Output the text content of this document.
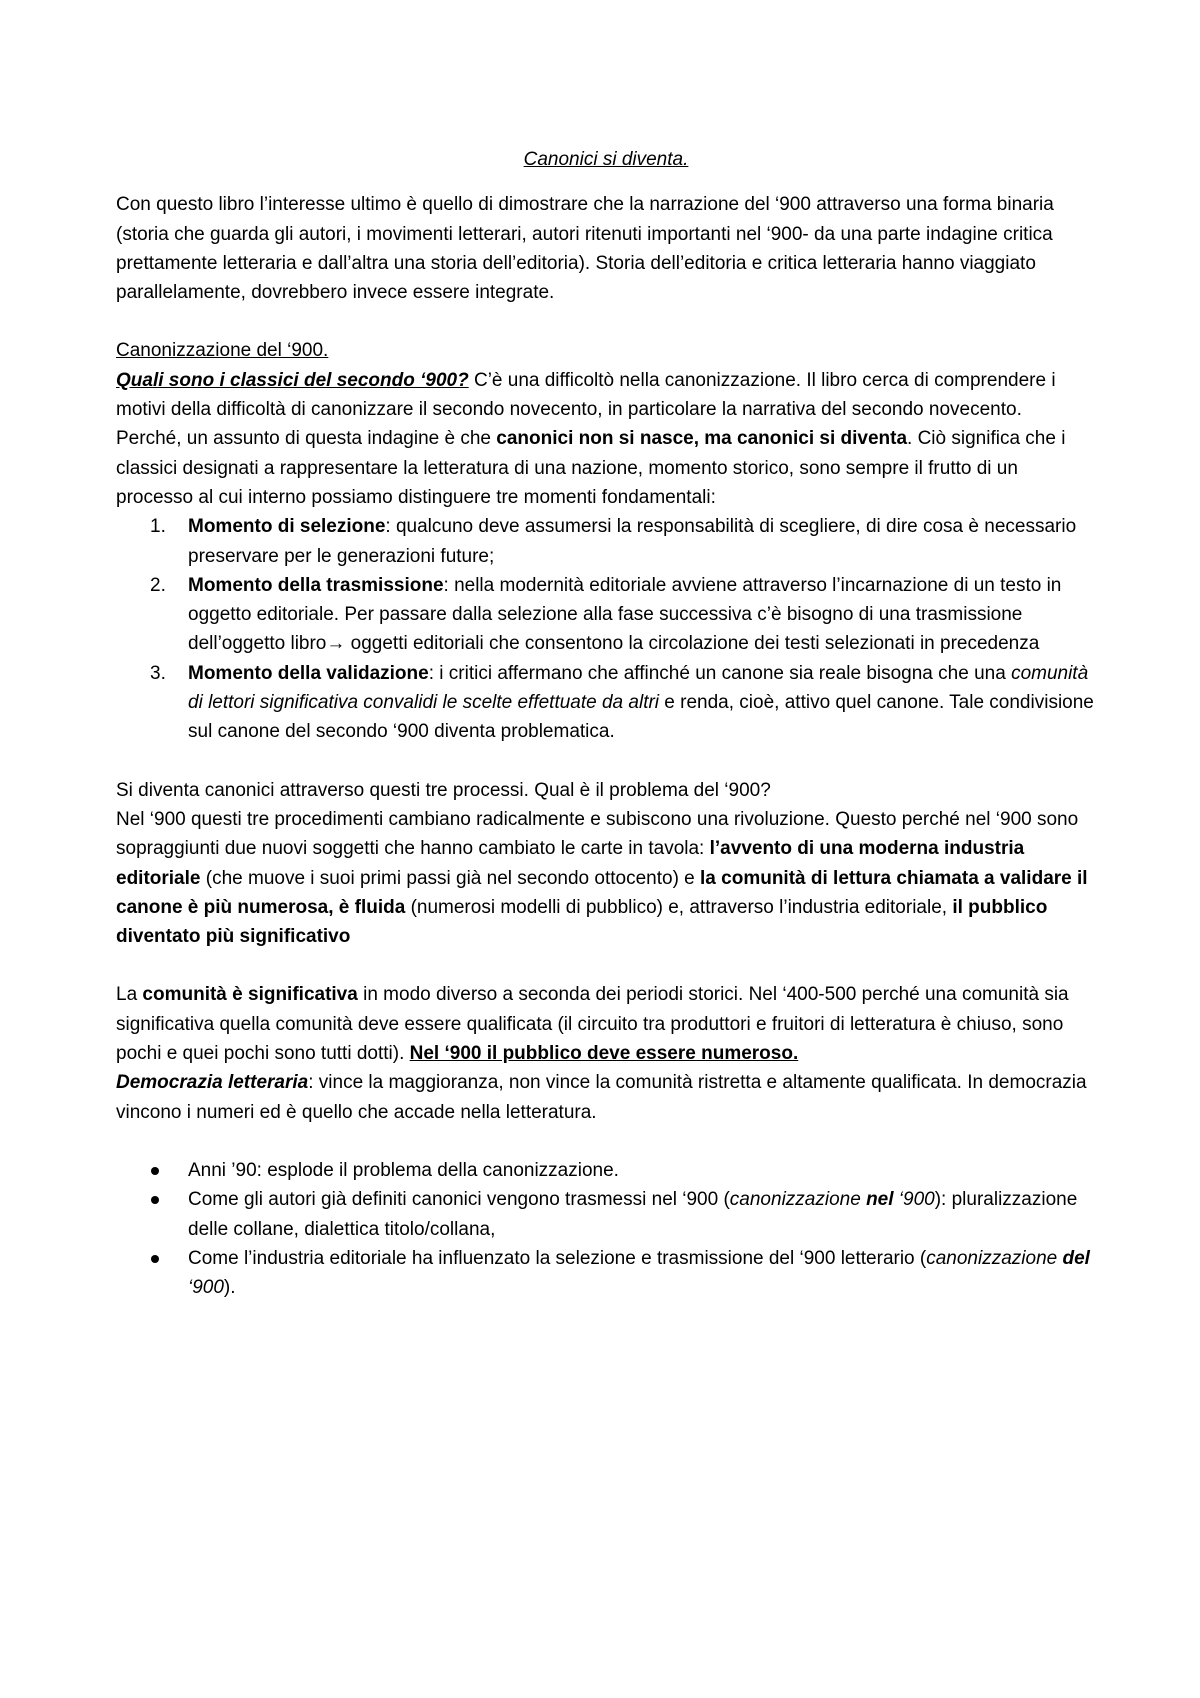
Canonici si diventa.

Con questo libro l’interesse ultimo è quello di dimostrare che la narrazione del ‘900 attraverso una forma binaria (storia che guarda gli autori, i movimenti letterari, autori ritenuti importanti nel ‘900- da una parte indagine critica prettamente letteraria e dall’altra una storia dell’editoria). Storia dell’editoria e critica letteraria hanno viaggiato parallelamente, dovrebbero invece essere integrate.

Canonizzazione del ‘900.

Quali sono i classici del secondo ‘900? C’è una difficoltò nella canonizzazione. Il libro cerca di comprendere i motivi della difficoltà di canonizzare il secondo novecento, in particolare la narrativa del secondo novecento.

Perché, un assunto di questa indagine è che canonici non si nasce, ma canonici si diventa. Ciò significa che i classici designati a rappresentare la letteratura di una nazione, momento storico, sono sempre il frutto di un processo al cui interno possiamo distinguere tre momenti fondamentali:

1. Momento di selezione: qualcuno deve assumersi la responsabilità di scegliere, di dire cosa è necessario preservare per le generazioni future;
2. Momento della trasmissione: nella modernità editoriale avviene attraverso l’incarnazione di un testo in oggetto editoriale. Per passare dalla selezione alla fase successiva c’è bisogno di una trasmissione dell’oggetto libro→ oggetti editoriali che consentono la circolazione dei testi selezionati in precedenza
3. Momento della validazione: i critici affermano che affinché un canone sia reale bisogna che una comunità di lettori significativa convalidi le scelte effettuate da altri e renda, cioè, attivo quel canone. Tale condivisione sul canone del secondo ‘900 diventa problematica.

Si diventa canonici attraverso questi tre processi. Qual è il problema del ‘900?

Nel ‘900 questi tre procedimenti cambiano radicalmente e subiscono una rivoluzione. Questo perché nel ‘900 sono sopraggiunti due nuovi soggetti che hanno cambiato le carte in tavola: l’avvento di una moderna industria editoriale (che muove i suoi primi passi già nel secondo ottocento) e la comunità di lettura chiamata a validare il canone è più numerosa, è fluida (numerosi modelli di pubblico) e, attraverso l’industria editoriale, il pubblico diventato più significativo

La comunità è significativa in modo diverso a seconda dei periodi storici. Nel ‘400-500 perché una comunità sia significativa quella comunità deve essere qualificata (il circuito tra produttori e fruitori di letteratura è chiuso, sono pochi e quei pochi sono tutti dotti). Nel ‘900 il pubblico deve essere numeroso.

Democrazia letteraria: vince la maggioranza, non vince la comunità ristretta e altamente qualificata. In democrazia vincono i numeri ed è quello che accade nella letteratura.

Anni ’90: esplode il problema della canonizzazione.
Come gli autori già definiti canonici vengono trasmessi nel ‘900 (canonizzazione nel ‘900): pluralizzazione delle collane, dialettica titolo/collana,
Come l’industria editoriale ha influenzato la selezione e trasmissione del ‘900 letterario (canonizzazione del ‘900).
